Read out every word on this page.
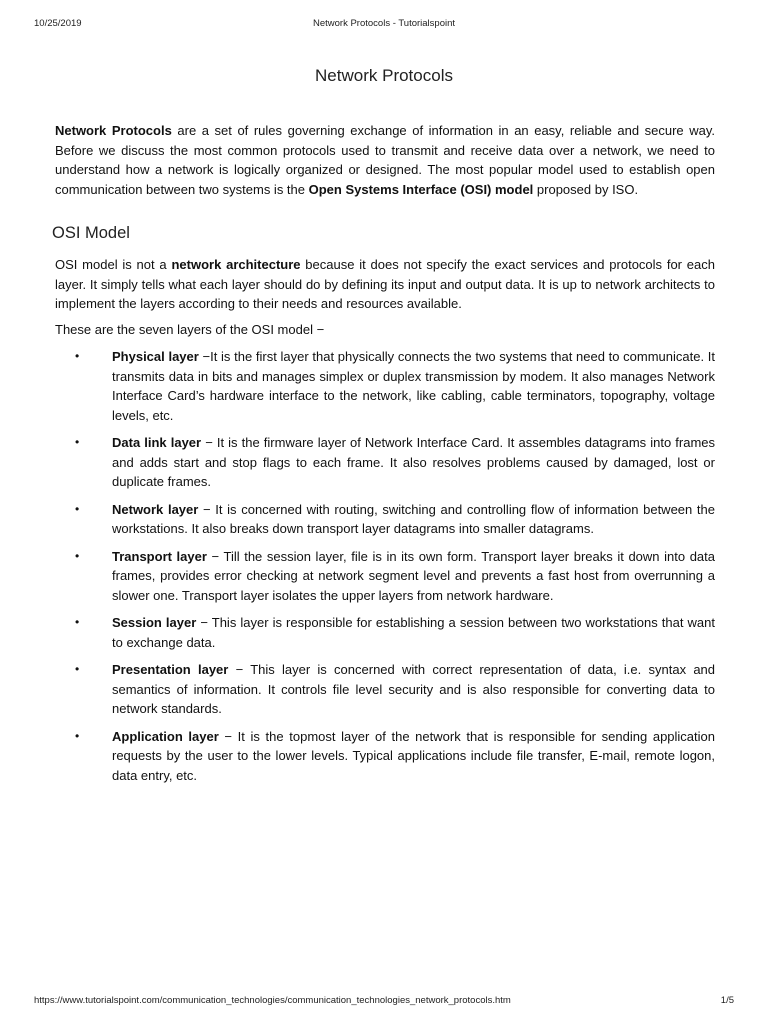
10/25/2019	Network Protocols - Tutorialspoint
Network Protocols

Network Protocols are a set of rules governing exchange of information in an easy, reliable and secure way. Before we discuss the most common protocols used to transmit and receive data over a network, we need to understand how a network is logically organized or designed. The most popular model used to establish open communication between two systems is the Open Systems Interface (OSI) model proposed by ISO.

OSI Model

OSI model is not a network architecture because it does not specify the exact services and protocols for each layer. It simply tells what each layer should do by defining its input and output data. It is up to network architects to implement the layers according to their needs and resources available.

These are the seven layers of the OSI model −

•	Physical layer −It is the first layer that physically connects the two systems that need to communicate. It transmits data in bits and manages simplex or duplex transmission by modem. It also manages Network Interface Card’s hardware interface to the network, like cabling, cable terminators, topography, voltage levels, etc.
•	Data link layer − It is the firmware layer of Network Interface Card. It assembles datagrams into frames and adds start and stop flags to each frame. It also resolves problems caused by damaged, lost or duplicate frames.
•	Network layer − It is concerned with routing, switching and controlling flow of information between the workstations. It also breaks down transport layer datagrams into smaller datagrams.
•	Transport layer − Till the session layer, file is in its own form. Transport layer breaks it down into data frames, provides error checking at network segment level and prevents a fast host from overrunning a slower one. Transport layer isolates the upper layers from network hardware.
•	Session layer − This layer is responsible for establishing a session between two workstations that want to exchange data.
•	Presentation layer − This layer is concerned with correct representation of data, i.e. syntax and semantics of information. It controls file level security and is also responsible for converting data to network standards.
•	Application layer − It is the topmost layer of the network that is responsible for sending application requests by the user to the lower levels. Typical applications include file transfer, E-mail, remote logon, data entry, etc.
https://www.tutorialspoint.com/communication_technologies/communication_technologies_network_protocols.htm	1/5
